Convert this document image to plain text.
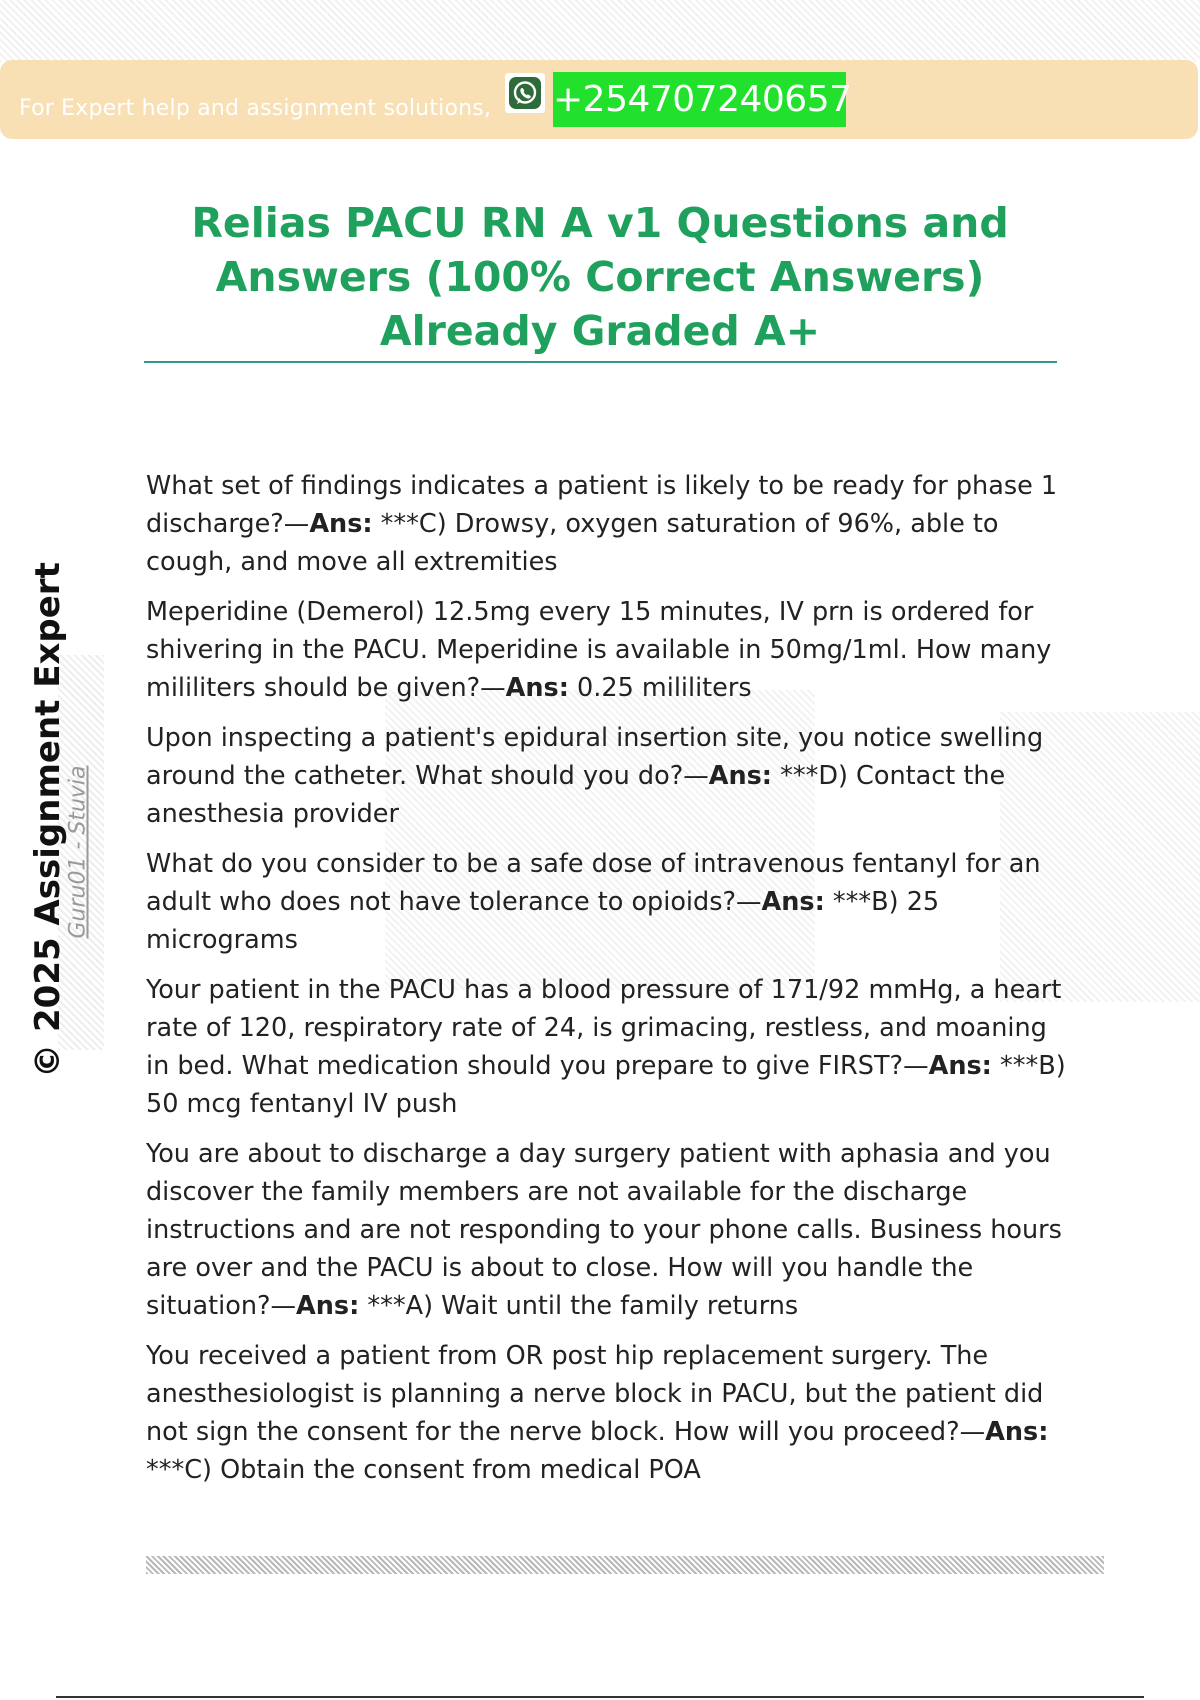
For Expert help and assignment solutions, +254707240657
Relias PACU RN A v1 Questions and Answers (100% Correct Answers) Already Graded A+
© 2025 Assignment Expert
Guru01 - Stuvia

What set of findings indicates a patient is likely to be ready for phase 1 discharge?—Ans: ***C) Drowsy, oxygen saturation of 96%, able to cough, and move all extremities

Meperidine (Demerol) 12.5mg every 15 minutes, IV prn is ordered for shivering in the PACU. Meperidine is available in 50mg/1ml. How many mililiters should be given?—Ans: 0.25 mililiters

Upon inspecting a patient's epidural insertion site, you notice swelling around the catheter. What should you do?—Ans: ***D) Contact the anesthesia provider

What do you consider to be a safe dose of intravenous fentanyl for an adult who does not have tolerance to opioids?—Ans: ***B) 25 micrograms

Your patient in the PACU has a blood pressure of 171/92 mmHg, a heart rate of 120, respiratory rate of 24, is grimacing, restless, and moaning in bed. What medication should you prepare to give FIRST?—Ans: ***B) 50 mcg fentanyl IV push

You are about to discharge a day surgery patient with aphasia and you discover the family members are not available for the discharge instructions and are not responding to your phone calls. Business hours are over and the PACU is about to close. How will you handle the situation?—Ans: ***A) Wait until the family returns

You received a patient from OR post hip replacement surgery. The anesthesiologist is planning a nerve block in PACU, but the patient did not sign the consent for the nerve block. How will you proceed?—Ans: ***C) Obtain the consent from medical POA
